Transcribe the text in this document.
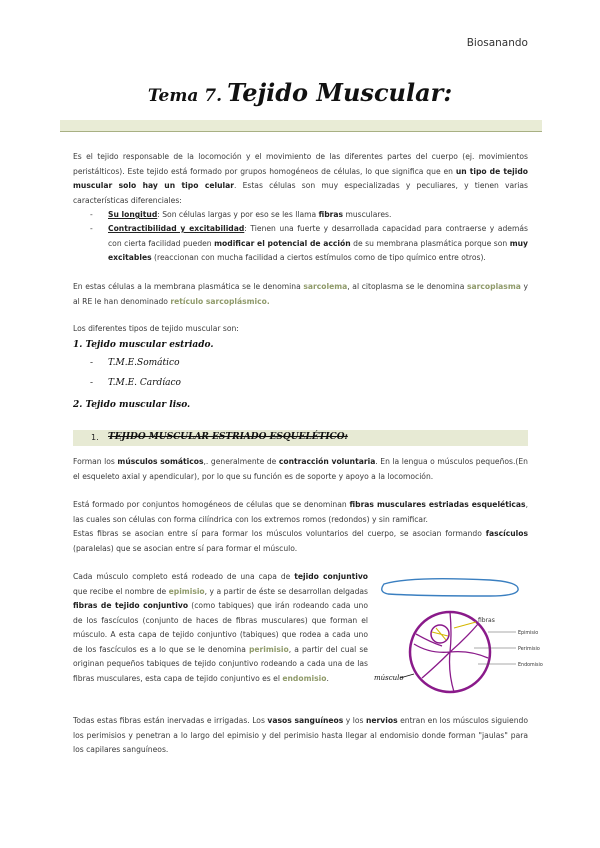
Biosanando
Tema 7. Tejido Muscular:
Es el tejido responsable de la locomoción y el movimiento de las diferentes partes del cuerpo (ej. movimientos peristálticos). Este tejido está formado por grupos homogéneos de células, lo que significa que en un tipo de tejido muscular solo hay un tipo celular. Estas células son muy especializadas y peculiares, y tienen varias características diferenciales:
- Su longitud: Son células largas y por eso se les llama fibras musculares.
- Contractibilidad y excitabilidad: Tienen una fuerte y desarrollada capacidad para contraerse y además con cierta facilidad pueden modificar el potencial de acción de su membrana plasmática porque son muy excitables (reaccionan con mucha facilidad a ciertos estímulos como de tipo químico entre otros).
En estas células a la membrana plasmática se le denomina sarcolema, al citoplasma se le denomina sarcoplasma y al RE le han denominado retículo sarcoplásmico.
Los diferentes tipos de tejido muscular son:
1. Tejido muscular estriado.
- T.M.E.Somático
- T.M.E. Cardíaco
2. Tejido muscular liso.
1. TEJIDO MUSCULAR ESTRIADO ESQUELÉTICO:
Forman los músculos somáticos,. generalmente de contracción voluntaria. En la lengua o músculos pequeños.(En el esqueleto axial y apendicular), por lo que su función es de soporte y apoyo a la locomoción.
Está formado por conjuntos homogéneos de células que se denominan fibras musculares estriadas esqueléticas, las cuales son células con forma cilíndrica con los extremos romos (redondos) y sin ramificar.
Estas fibras se asocian entre sí para formar los músculos voluntarios del cuerpo, se asocian formando fascículos (paralelas) que se asocian entre sí para formar el músculo.
Cada músculo completo está rodeado de una capa de tejido conjuntivo que recibe el nombre de epimisio, y a partir de éste se desarrollan delgadas fibras de tejido conjuntivo (como tabiques) que irán rodeando cada uno de los fascículos (conjunto de haces de fibras musculares) que forman el músculo. A esta capa de tejido conjuntivo (tabiques) que rodea a cada uno de los fascículos es a lo que se le denomina perimisio, a partir del cual se originan pequeños tabiques de tejido conjuntivo rodeando a cada una de las fibras musculares, esta capa de tejido conjuntivo es el endomisio.
fibras
Epimisio
Perimisio
Endomisio
músculo
Todas estas fibras están inervadas e irrigadas. Los vasos sanguíneos y los nervios entran en los músculos siguiendo los perimisios y penetran a lo largo del epimisio y del perimisio hasta llegar al endomisio donde forman "jaulas" para los capilares sanguíneos.
